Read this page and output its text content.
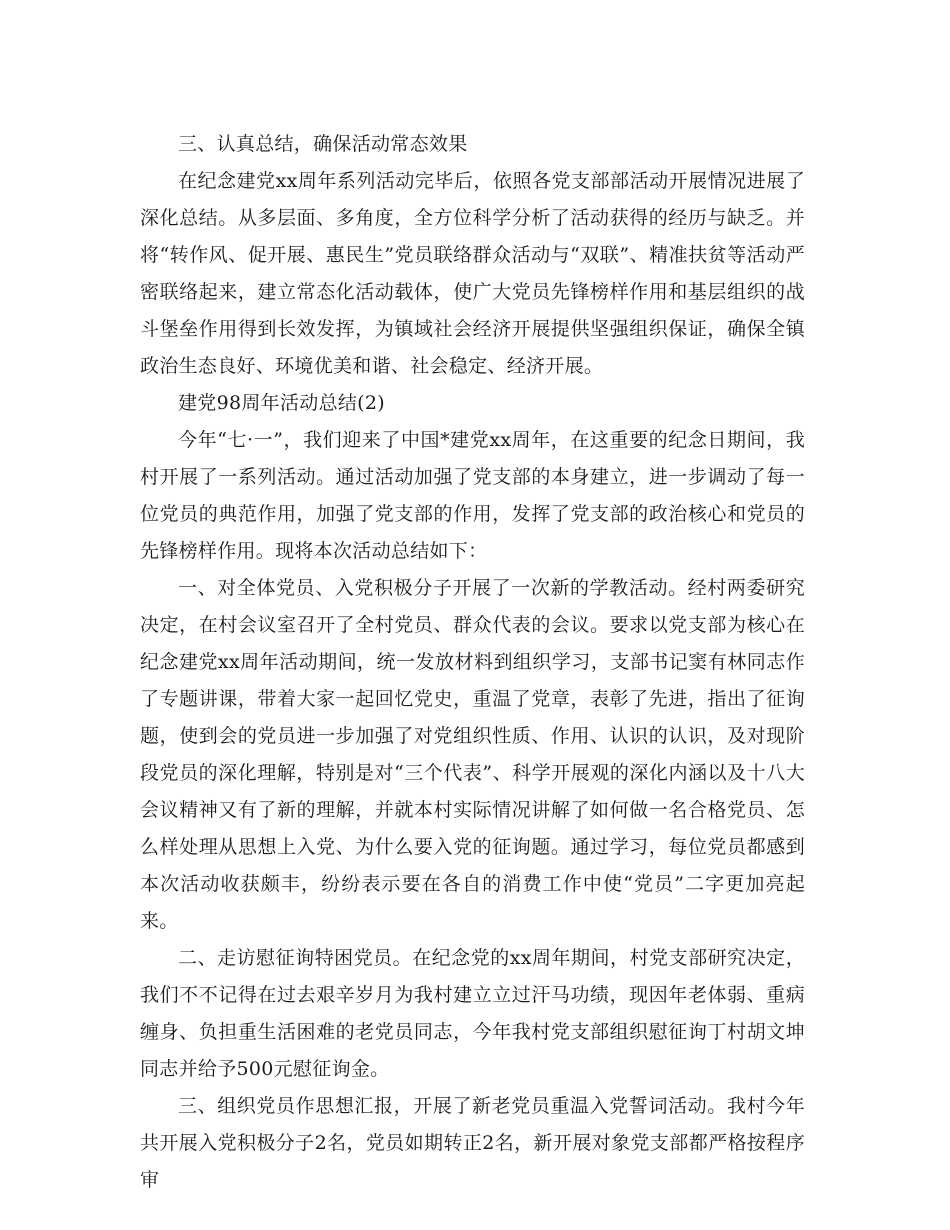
三、认真总结，确保活动常态效果

在纪念建党xx周年系列活动完毕后，依照各党支部部活动开展情况进展了深化总结。从多层面、多角度，全方位科学分析了活动获得的经历与缺乏。并将“转作风、促开展、惠民生”党员联络群众活动与“双联”、精准扶贫等活动严密联络起来，建立常态化活动载体，使广大党员先锋榜样作用和基层组织的战斗堡垒作用得到长效发挥，为镇域社会经济开展提供坚强组织保证，确保全镇政治生态良好、环境优美和谐、社会稳定、经济开展。

建党98周年活动总结(2)

今年“七·一”，我们迎来了中国*建党xx周年，在这重要的纪念日期间，我村开展了一系列活动。通过活动加强了党支部的本身建立，进一步调动了每一位党员的典范作用，加强了党支部的作用，发挥了党支部的政治核心和党员的先锋榜样作用。现将本次活动总结如下：

一、对全体党员、入党积极分子开展了一次新的学教活动。经村两委研究决定，在村会议室召开了全村党员、群众代表的会议。要求以党支部为核心在纪念建党xx周年活动期间，统一发放材料到组织学习，支部书记窦有林同志作了专题讲课，带着大家一起回忆党史，重温了党章，表彰了先进，指出了征询题，使到会的党员进一步加强了对党组织性质、作用、认识的认识，及对现阶段党员的深化理解，特别是对“三个代表”、科学开展观的深化内涵以及十八大会议精神又有了新的理解，并就本村实际情况讲解了如何做一名合格党员、怎么样处理从思想上入党、为什么要入党的征询题。通过学习，每位党员都感到本次活动收获颇丰，纷纷表示要在各自的消费工作中使“党员”二字更加亮起来。

二、走访慰征询特困党员。在纪念党的xx周年期间，村党支部研究决定，我们不不记得在过去艰辛岁月为我村建立立过汗马功绩，现因年老体弱、重病缠身、负担重生活困难的老党员同志，今年我村党支部组织慰征询丁村胡文坤同志并给予500元慰征询金。

三、组织党员作思想汇报，开展了新老党员重温入党誓词活动。我村今年共开展入党积极分子2名，党员如期转正2名，新开展对象党支部都严格按程序审
